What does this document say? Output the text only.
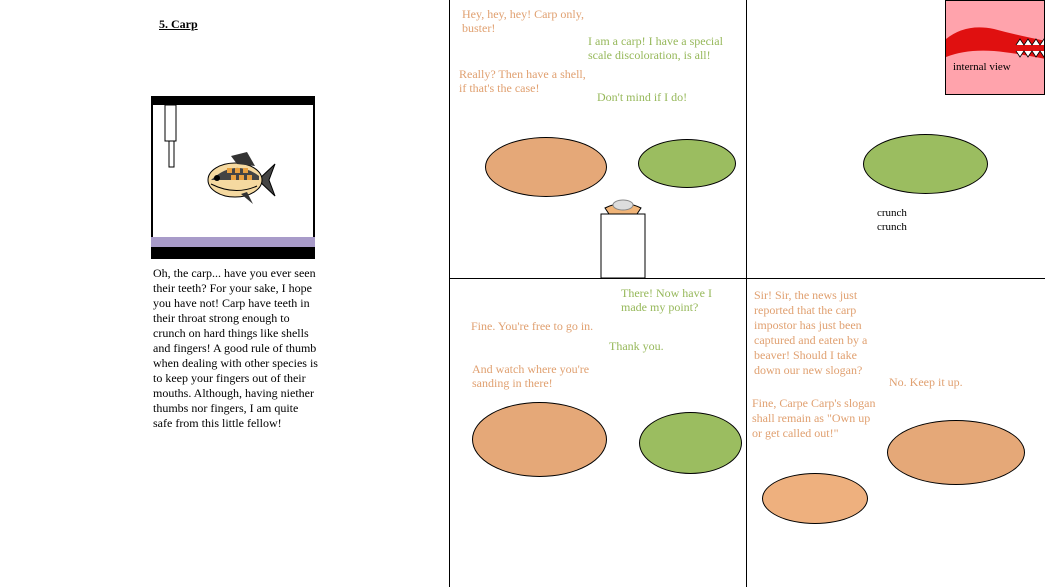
5. Carp
Oh, the carp... have you ever seen their teeth? For your sake, I hope you have not! Carp have teeth in their throat strong enough to crunch on hard things like shells and fingers! A good rule of thumb when dealing with other species is to keep your fingers out of their mouths. Although, having niether thumbs nor fingers, I am quite safe from this little fellow!
Hey, hey, hey! Carp only, buster!
I am a carp! I have a special scale discoloration, is all!
Really? Then have a shell, if that's the case!
Don't mind if I do!
internal view
crunch
crunch
There! Now have I made my point?
Fine. You're free to go in.
Thank you.
And watch where you're sanding in there!
Sir! Sir, the news just reported that the carp impostor has just been captured and eaten by a beaver! Should I take down our new slogan?
No. Keep it up.
Fine, Carpe Carp's slogan shall remain as "Own up or get called out!"
